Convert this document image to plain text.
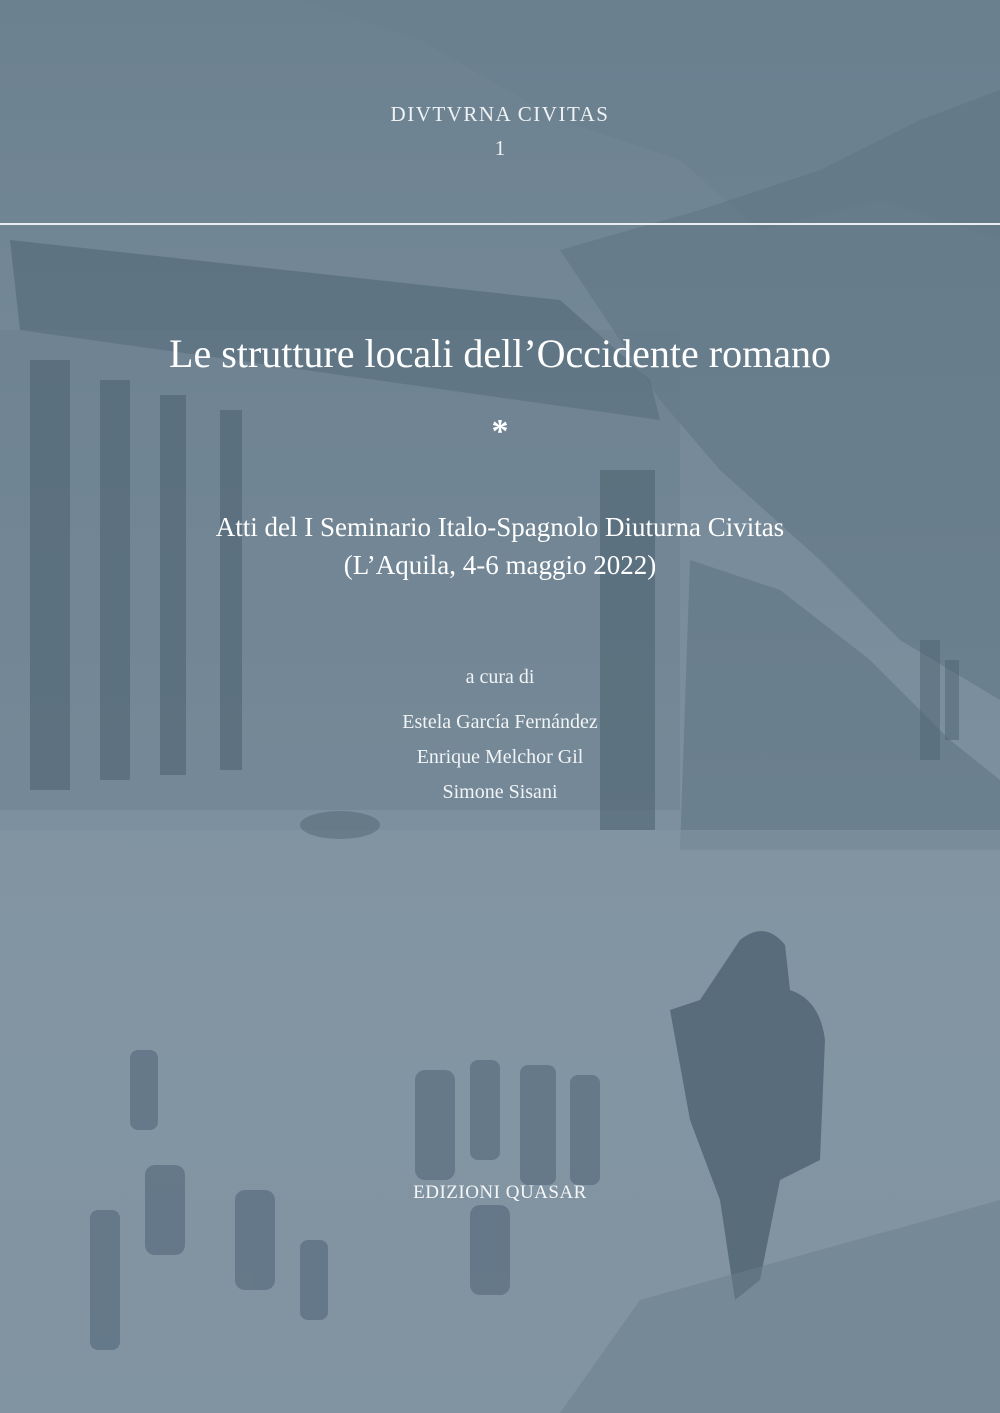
DIVTVRNA CIVITAS
1
Le strutture locali dell’Occidente romano
*
Atti del I Seminario Italo-Spagnolo Diuturna Civitas
(L’Aquila, 4-6 maggio 2022)
a cura di
Estela García Fernández
Enrique Melchor Gil
Simone Sisani
EDIZIONI QUASAR
